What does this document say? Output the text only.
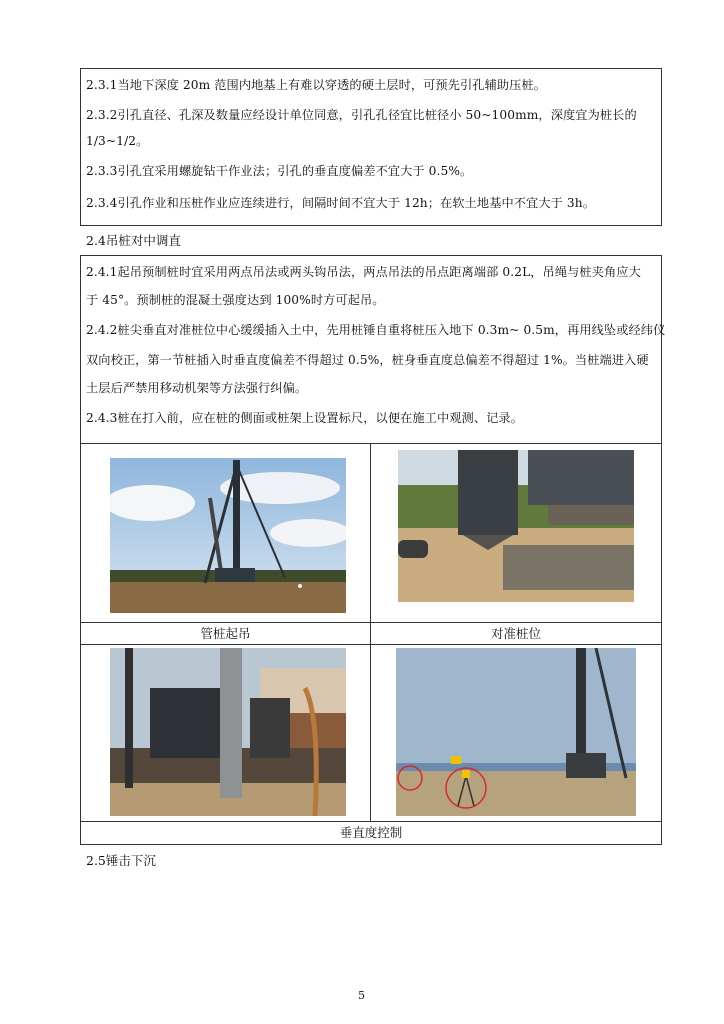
2.3.1当地下深度 20m 范围内地基上有难以穿透的硬土层时，可预先引孔辅助压桩。
2.3.2引孔直径、孔深及数量应经设计单位同意，引孔孔径宜比桩径小 50~100mm，深度宜为桩长的
1/3~1/2。
2.3.3引孔宜采用螺旋钻干作业法；引孔的垂直度偏差不宜大于 0.5%。
2.3.4引孔作业和压桩作业应连续进行，间隔时间不宜大于 12h；在软土地基中不宜大于 3h。
2.4吊桩对中调直
2.4.1起吊预制桩时宜采用两点吊法或两头钩吊法，两点吊法的吊点距离端部 0.2L，吊绳与桩夹角应大
于 45°。预制桩的混凝土强度达到 100%时方可起吊。
2.4.2桩尖垂直对准桩位中心缓缓插入土中，先用桩锤自重将桩压入地下 0.3m~ 0.5m，再用线坠或经纬仪
双向校正，第一节桩插入时垂直度偏差不得超过 0.5%，桩身垂直度总偏差不得超过 1%。当桩端进入硬
土层后严禁用移动机架等方法强行纠偏。
2.4.3桩在打入前，应在桩的侧面或桩架上设置标尺，以便在施工中观测、记录。
管桩起吊	对准桩位
垂直度控制
2.5锤击下沉
5
